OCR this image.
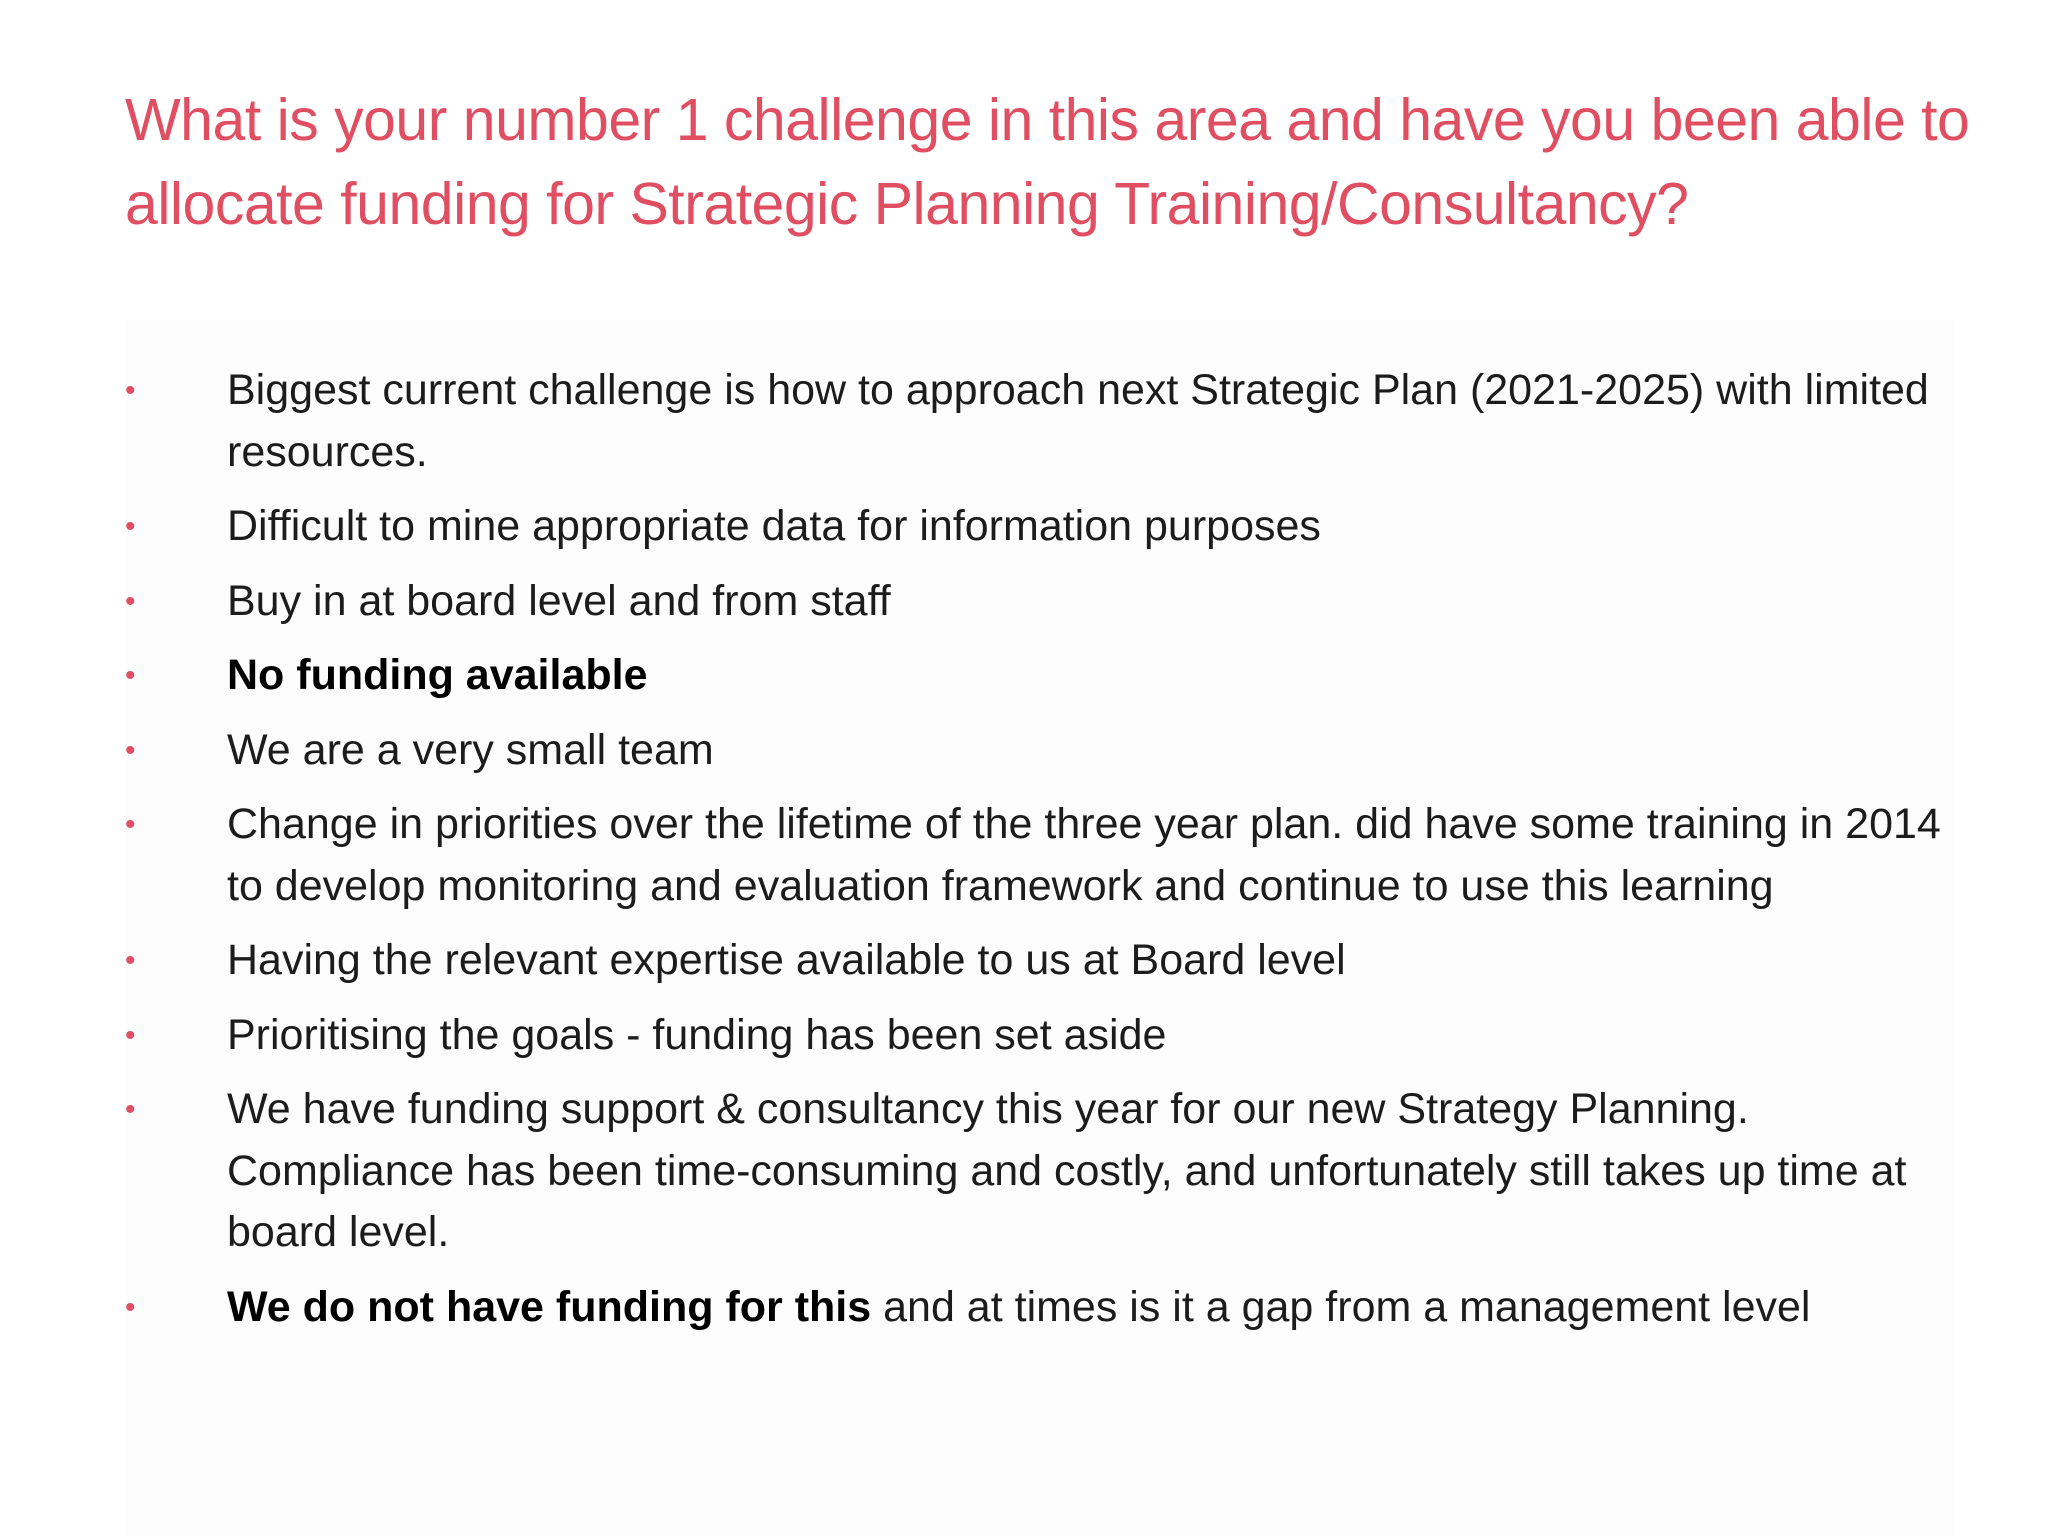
What is your number 1 challenge in this area and have you been able to allocate funding for Strategic Planning Training/Consultancy?
• Biggest current challenge is how to approach next Strategic Plan (2021-2025) with limited resources.
• Difficult to mine appropriate data for information purposes
• Buy in at board level and from staff
• No funding available
• We are a very small team
• Change in priorities over the lifetime of the three year plan. did have some training in 2014 to develop monitoring and evaluation framework and continue to use this learning
• Having the relevant expertise available to us at Board level
• Prioritising the goals - funding has been set aside
• We have funding support & consultancy this year for our new Strategy Planning. Compliance has been time-consuming and costly, and unfortunately still takes up time at board level.
• We do not have funding for this and at times is it a gap from a management level
